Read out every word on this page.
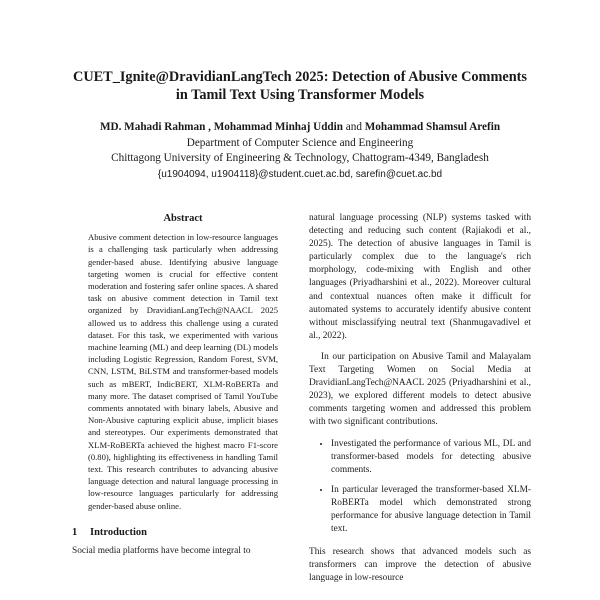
CUET_Ignite@DravidianLangTech 2025: Detection of Abusive Comments
in Tamil Text Using Transformer Models
MD. Mahadi Rahman , Mohammad Minhaj Uddin and Mohammad Shamsul Arefin
Department of Computer Science and Engineering
Chittagong University of Engineering & Technology, Chattogram-4349, Bangladesh
{u1904094, u1904118}@student.cuet.ac.bd, sarefin@cuet.ac.bd
Abstract
Abusive comment detection in low-resource languages is a challenging task particularly when addressing gender-based abuse. Identifying abusive language targeting women is crucial for effective content moderation and fostering safer online spaces. A shared task on abusive comment detection in Tamil text organized by DravidianLangTech@NAACL 2025 allowed us to address this challenge using a curated dataset. For this task, we experimented with various machine learning (ML) and deep learning (DL) models including Logistic Regression, Random Forest, SVM, CNN, LSTM, BiLSTM and transformer-based models such as mBERT, IndicBERT, XLM-RoBERTa and many more. The dataset comprised of Tamil YouTube comments annotated with binary labels, Abusive and Non-Abusive capturing explicit abuse, implicit biases and stereotypes. Our experiments demonstrated that XLM-RoBERTa achieved the highest macro F1-score (0.80), highlighting its effectiveness in handling Tamil text. This research contributes to advancing abusive language detection and natural language processing in low-resource languages particularly for addressing gender-based abuse online.
1 Introduction

Social media platforms have become integral to

natural language processing (NLP) systems tasked with detecting and reducing such content (Rajiakodi et al., 2025). The detection of abusive languages in Tamil is particularly complex due to the language's rich morphology, code-mixing with English and other languages (Priyadharshini et al., 2022). Moreover cultural and contextual nuances often make it difficult for automated systems to accurately identify abusive content without misclassifying neutral text (Shanmugavadivel et al., 2022).

In our participation on Abusive Tamil and Malayalam Text Targeting Women on Social Media at DravidianLangTech@NAACL 2025 (Priyadharshini et al., 2023), we explored different models to detect abusive comments targeting women and addressed this problem with two significant contributions.

• Investigated the performance of various ML, DL and transformer-based models for detecting abusive comments.
• In particular leveraged the transformer-based XLM-RoBERTa model which demonstrated strong performance for abusive language detection in Tamil text.

This research shows that advanced models such as transformers can improve the detection of abusive language in low-resource
